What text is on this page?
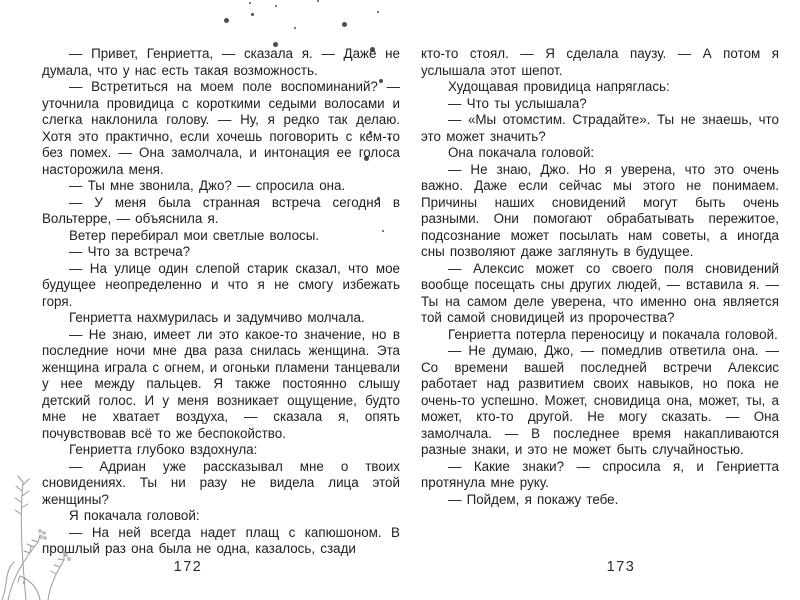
— Привет, Генриетта, — сказала я. — Даже не думала, что у нас есть такая возможность.

— Встретиться на моем поле воспоминаний? — уточнила провидица с короткими седыми волосами и слегка наклонила голову. — Ну, я редко так делаю. Хотя это практично, если хочешь поговорить с кем-то без помех. — Она замолчала, и интонация ее голоса насторожила меня.

— Ты мне звонила, Джо? — спросила она.

— У меня была странная встреча сегодня в Вольтерре, — объяснила я.

Ветер перебирал мои светлые волосы.

— Что за встреча?

— На улице один слепой старик сказал, что мое будущее неопределенно и что я не смогу избежать горя.

Генриетта нахмурилась и задумчиво молчала.

— Не знаю, имеет ли это какое-то значение, но в последние ночи мне два раза снилась женщина. Эта женщина играла с огнем, и огоньки пламени танцевали у нее между пальцев. Я также постоянно слышу детский голос. И у меня возникает ощущение, будто мне не хватает воздуха, — сказала я, опять почувствовав всё то же беспокойство.

Генриетта глубоко вздохнула:

— Адриан уже рассказывал мне о твоих сновидениях. Ты ни разу не видела лица этой женщины?

Я покачала головой:

— На ней всегда надет плащ с капюшоном. В прошлый раз она была не одна, казалось, сзади

кто-то стоял. — Я сделала паузу. — А потом я услышала этот шепот.

Худощавая провидица напряглась:

— Что ты услышала?

— «Мы отомстим. Страдайте». Ты не знаешь, что это может значить?

Она покачала головой:

— Не знаю, Джо. Но я уверена, что это очень важно. Даже если сейчас мы этого не понимаем. Причины наших сновидений могут быть очень разными. Они помогают обрабатывать пережитое, подсознание может посылать нам советы, а иногда сны позволяют даже заглянуть в будущее.

— Алексис может со своего поля сновидений вообще посещать сны других людей, — вставила я. — Ты на самом деле уверена, что именно она является той самой сновидицей из пророчества?

Генриетта потерла переносицу и покачала головой.

— Не думаю, Джо, — помедлив ответила она. — Со времени вашей последней встречи Алексис работает над развитием своих навыков, но пока не очень-то успешно. Может, сновидица она, может, ты, а может, кто-то другой. Не могу сказать. — Она замолчала. — В последнее время накапливаются разные знаки, и это не может быть случайностью.

— Какие знаки? — спросила я, и Генриетта протянула мне руку.

— Пойдем, я покажу тебе.

172	173
